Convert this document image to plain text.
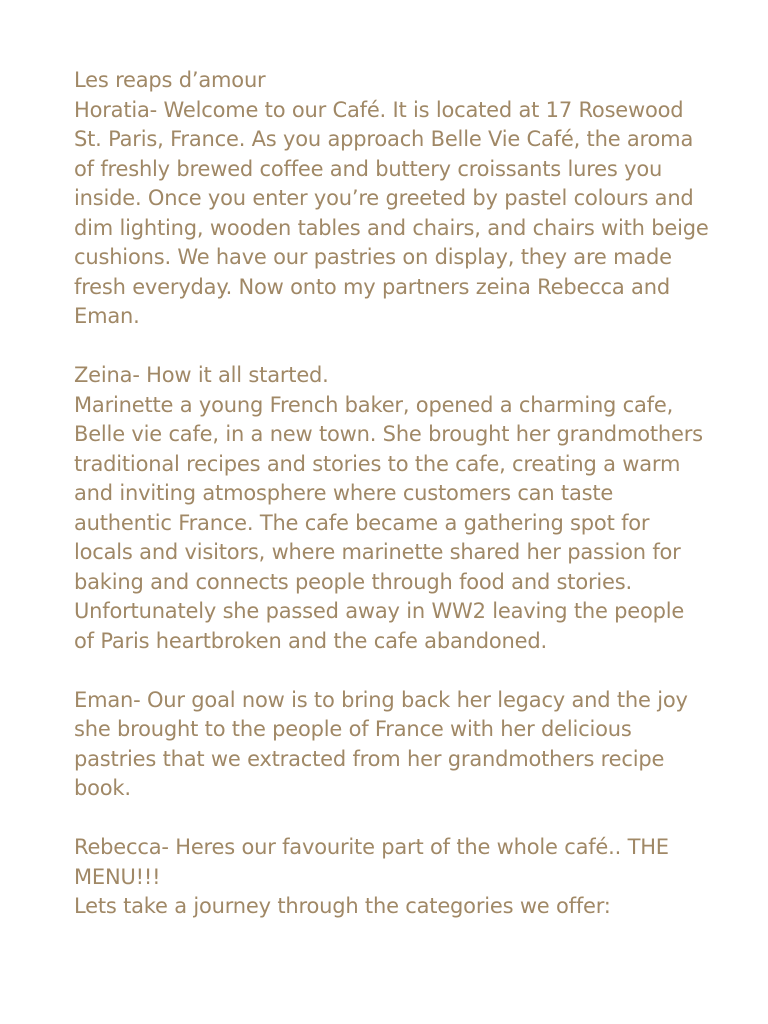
Les reaps d’amour
Horatia- Welcome to our Café. It is located at 17 Rosewood
St. Paris, France. As you approach Belle Vie Café, the aroma
of freshly brewed coffee and buttery croissants lures you
inside. Once you enter you’re greeted by pastel colours and
dim lighting, wooden tables and chairs, and chairs with beige
cushions. We have our pastries on display, they are made
fresh everyday. Now onto my partners zeina Rebecca and
Eman.
Zeina- How it all started.
Marinette a young French baker, opened a charming cafe,
Belle vie cafe, in a new town. She brought her grandmothers
traditional recipes and stories to the cafe, creating a warm
and inviting atmosphere where customers can taste
authentic France. The cafe became a gathering spot for
locals and visitors, where marinette shared her passion for
baking and connects people through food and stories.
Unfortunately she passed away in WW2 leaving the people
of Paris heartbroken and the cafe abandoned.
Eman- Our goal now is to bring back her legacy and the joy
she brought to the people of France with her delicious
pastries that we extracted from her grandmothers recipe
book.
Rebecca- Heres our favourite part of the whole café.. THE
MENU!!!
Lets take a journey through the categories we offer:
